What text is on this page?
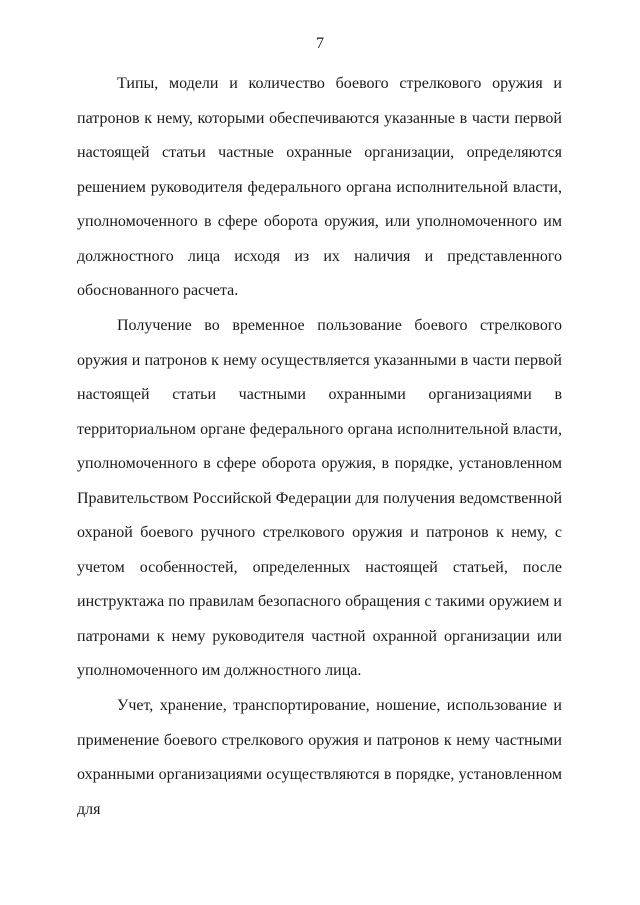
7

Типы, модели и количество боевого стрелкового оружия и патронов к нему, которыми обеспечиваются указанные в части первой настоящей статьи частные охранные организации, определяются решением руководителя федерального органа исполнительной власти, уполномоченного в сфере оборота оружия, или уполномоченного им должностного лица исходя из их наличия и представленного обоснованного расчета.

Получение во временное пользование боевого стрелкового оружия и патронов к нему осуществляется указанными в части первой настоящей статьи частными охранными организациями в территориальном органе федерального органа исполнительной власти, уполномоченного в сфере оборота оружия, в порядке, установленном Правительством Российской Федерации для получения ведомственной охраной боевого ручного стрелкового оружия и патронов к нему, с учетом особенностей, определенных настоящей статьей, после инструктажа по правилам безопасного обращения с такими оружием и патронами к нему руководителя частной охранной организации или уполномоченного им должностного лица.

Учет, хранение, транспортирование, ношение, использование и применение боевого стрелкового оружия и патронов к нему частными охранными организациями осуществляются в порядке, установленном для
